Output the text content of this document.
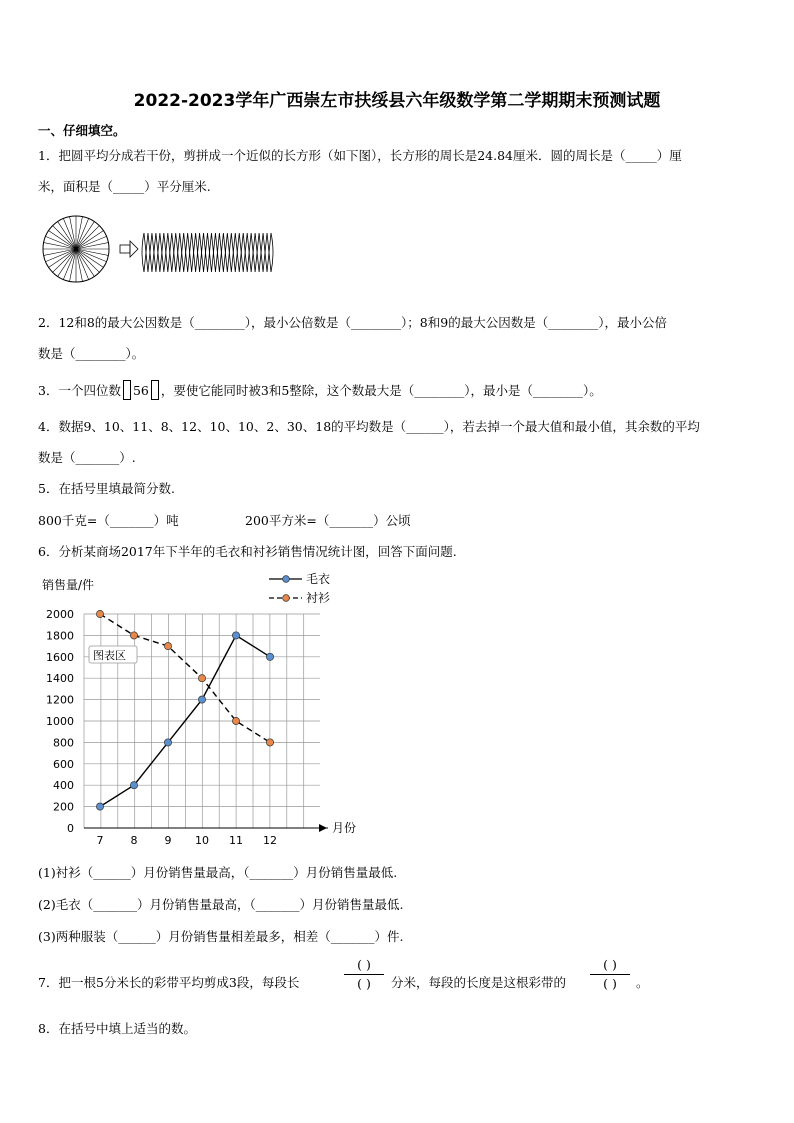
2022-2023学年广西崇左市扶绥县六年级数学第二学期期末预测试题
一、仔细填空。
1．把圆平均分成若干份，剪拼成一个近似的长方形（如下图），长方形的周长是24.84厘米．圆的周长是（_____）厘
米，面积是（_____）平分厘米.
2．12和8的最大公因数是（________），最小公倍数是（________）；8和9的最大公因数是（________），最小公倍
数是（________）。
3．一个四位数 56 ，要使它能同时被3和5整除，这个数最大是（________），最小是（________）。
4．数据9、10、11、8、12、10、10、2、30、18的平均数是（______），若去掉一个最大值和最小值，其余数的平均
数是（_______）.
5．在括号里填最简分数.
800千克=（_______）吨	200平方米=（_______）公顷
6．分析某商场2017年下半年的毛衣和衬衫销售情况统计图，回答下面问题.
销售量/件
月份
0
200
400
600
800
1000
1200
1400
1600
1800
2000
7 8 9 10 11 12
图表区
毛衣
衬衫
(1)衬衫（______）月份销售量最高，（_______）月份销售量最低.
(2)毛衣（_______）月份销售量最高，（_______）月份销售量最低.
(3)两种服装（______）月份销售量相差最多，相差（_______）件.
7．把一根5分米长的彩带平均剪成3段，每段长
( )
( )	分米，每段的长度是这根彩带的
( )
( )	。
8．在括号中填上适当的数。
